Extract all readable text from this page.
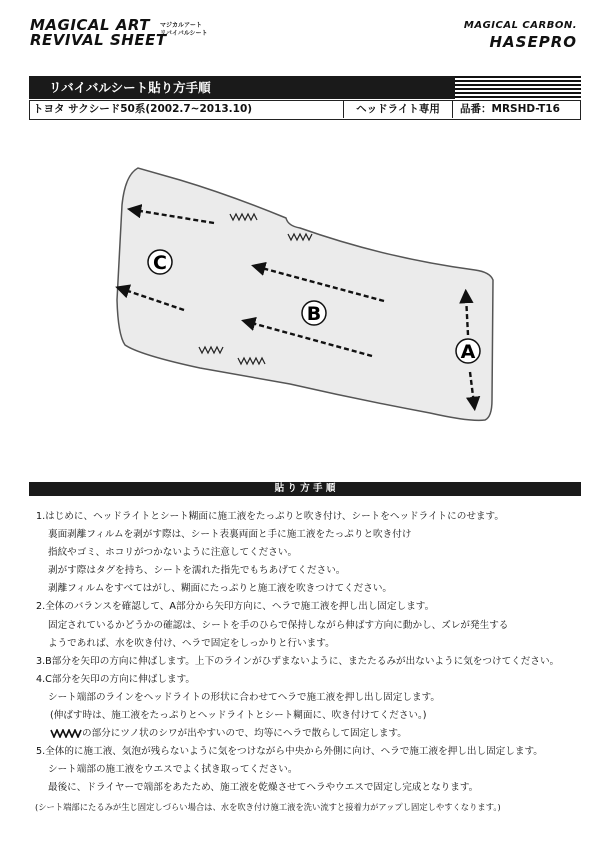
MAGICAL ART
REVIVAL SHEET
マジカルアート
リバイバルシート
MAGICAL CARBON.
HASEPRO
リバイバルシート貼り方手順
トヨタ サクシード50系(2002.7~2013.10)	ヘッドライト専用	品番：MRSHD-T16
A
B
C
貼 り 方 手 順
1.はじめに、ヘッドライトとシート糊面に施工液をたっぷりと吹き付け、シートをヘッドライトにのせます。
裏面剥離フィルムを剥がす際は、シート表裏両面と手に施工液をたっぷりと吹き付け
指紋やゴミ、ホコリがつかないように注意してください。
剥がす際はタグを持ち、シートを濡れた指先でもちあげてください。
剥離フィルムをすべてはがし、糊面にたっぷりと施工液を吹きつけてください。
2.全体のバランスを確認して、A部分から矢印方向に、ヘラで施工液を押し出し固定します。
固定されているかどうかの確認は、シートを手のひらで保持しながら伸ばす方向に動かし、ズレが発生する
ようであれば、水を吹き付け、ヘラで固定をしっかりと行います。
3.B部分を矢印の方向に伸ばします。上下のラインがひずまないように、またたるみが出ないように気をつけてください。
4.C部分を矢印の方向に伸ばします。
シート端部のラインをヘッドライトの形状に合わせてヘラで施工液を押し出し固定します。
(伸ばす時は、施工液をたっぷりとヘッドライトとシート糊面に、吹き付けてください。)
の部分にツノ状のシワが出やすいので、均等にヘラで散らして固定します。
5.全体的に施工液、気泡が残らないように気をつけながら中央から外側に向け、ヘラで施工液を押し出し固定します。
シート端部の施工液をウエスでよく拭き取ってください。
最後に、ドライヤーで端部をあたため、施工液を乾燥させてヘラやウエスで固定し完成となります。
(シート端部にたるみが生じ固定しづらい場合は、水を吹き付け施工液を洗い流すと接着力がアップし固定しやすくなります。)
